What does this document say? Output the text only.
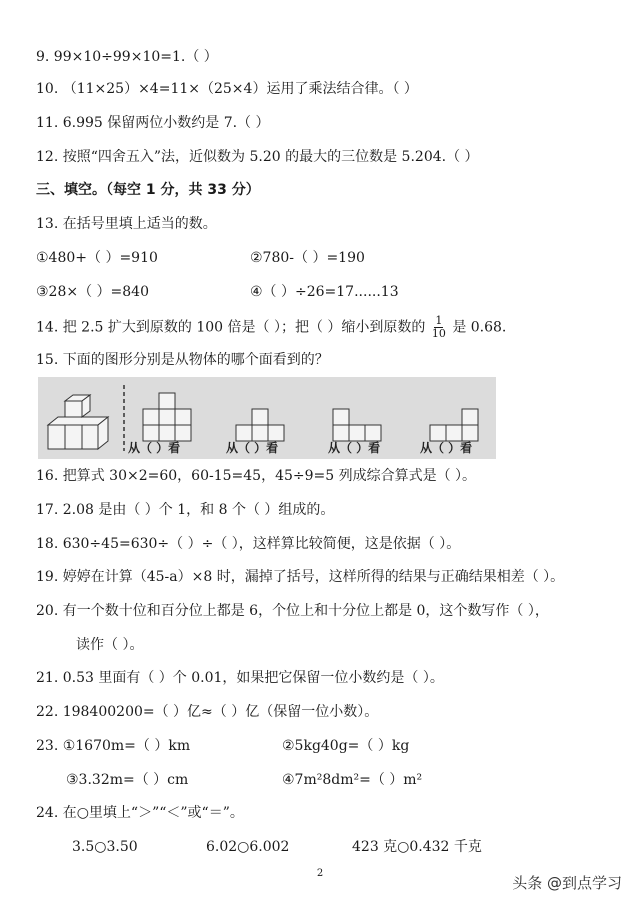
9. 99×10÷99×10=1.（ ）
10. （11×25）×4=11×（25×4）运用了乘法结合律。（ ）
11. 6.995 保留两位小数约是 7.（ ）
12. 按照“四舍五入”法，近似数为 5.20 的最大的三位数是 5.204.（ ）
三、填空。（每空 1 分，共 33 分）
13. 在括号里填上适当的数。
①480+（ ）=910	②780-（ ）=190
③28×（ ）=840	④（ ）÷26=17......13
14. 把 2.5 扩大到原数的 100 倍是（ ）；把（ ）缩小到原数的 $\frac{1}{10}$ 是 0.68.
15. 下面的图形分别是从物体的哪个面看到的？
从（ ）看	从（ ）看	从（ ）看	从（ ）看
16. 把算式 30×2=60，60-15=45，45÷9=5 列成综合算式是（ ）。
17. 2.08 是由（ ）个 1，和 8 个（ ）组成的。
18. 630÷45=630÷（ ）÷（ ），这样算比较简便，这是依据（ ）。
19. 婷婷在计算（45-a）×8 时，漏掉了括号，这样所得的结果与正确结果相差（ ）。
20. 有一个数十位和百分位上都是 6，个位上和十分位上都是 0，这个数写作（ ），
读作（ ）。
21. 0.53 里面有（ ）个 0.01，如果把它保留一位小数约是（ ）。
22. 198400200=（ ）亿≈（ ）亿（保留一位小数）。
23. ①1670m=（ ）km	②5kg40g=（ ）kg
③3.32m=（ ）cm	④7m²8dm²=（ ）m²
24. 在○里填上“＞”“＜”或“＝”。
3.5○3.50	6.02○6.002	423 克○0.432 千克
2
头条 @到点学习
